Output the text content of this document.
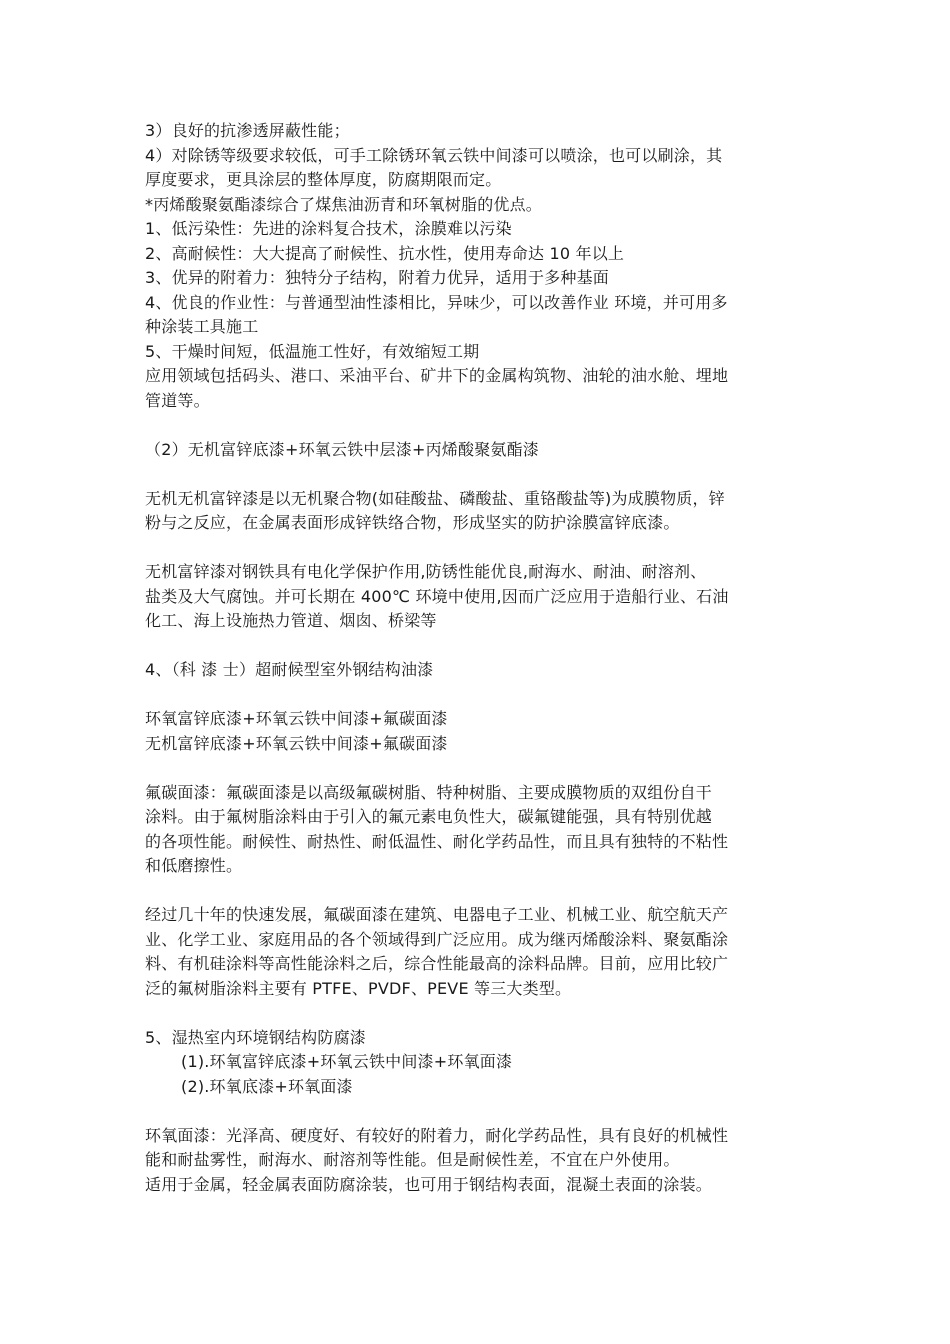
3）良好的抗渗透屏蔽性能；
4）对除锈等级要求较低，可手工除锈环氧云铁中间漆可以喷涂，也可以刷涂，其
厚度要求，更具涂层的整体厚度，防腐期限而定。
*丙烯酸聚氨酯漆综合了煤焦油沥青和环氧树脂的优点。
1、低污染性：先进的涂料复合技术，涂膜难以污染
2、高耐候性：大大提高了耐候性、抗水性，使用寿命达 10 年以上
3、优异的附着力：独特分子结构，附着力优异，适用于多种基面
4、优良的作业性：与普通型油性漆相比，异味少，可以改善作业 环境，并可用多
种涂装工具施工
5、干燥时间短，低温施工性好，有效缩短工期
应用领域包括码头、港口、采油平台、矿井下的金属构筑物、油轮的油水舱、埋地
管道等。
（2）无机富锌底漆+环氧云铁中层漆+丙烯酸聚氨酯漆
无机无机富锌漆是以无机聚合物(如硅酸盐、磷酸盐、重铬酸盐等)为成膜物质，锌
粉与之反应，在金属表面形成锌铁络合物，形成坚实的防护涂膜富锌底漆。
无机富锌漆对钢铁具有电化学保护作用,防锈性能优良,耐海水、耐油、耐溶剂、
盐类及大气腐蚀。并可长期在 400℃ 环境中使用,因而广泛应用于造船行业、石油
化工、海上设施热力管道、烟囱、桥梁等
4、（科 漆 士）超耐候型室外钢结构油漆
环氧富锌底漆+环氧云铁中间漆+氟碳面漆
无机富锌底漆+环氧云铁中间漆+氟碳面漆
氟碳面漆：氟碳面漆是以高级氟碳树脂、特种树脂、主要成膜物质的双组份自干
涂料。由于氟树脂涂料由于引入的氟元素电负性大，碳氟键能强，具有特别优越
的各项性能。耐候性、耐热性、耐低温性、耐化学药品性，而且具有独特的不粘性
和低磨擦性。
经过几十年的快速发展，氟碳面漆在建筑、电器电子工业、机械工业、航空航天产
业、化学工业、家庭用品的各个领域得到广泛应用。成为继丙烯酸涂料、聚氨酯涂
料、有机硅涂料等高性能涂料之后，综合性能最高的涂料品牌。目前，应用比较广
泛的氟树脂涂料主要有 PTFE、PVDF、PEVE 等三大类型。
5、湿热室内环境钢结构防腐漆
(1).环氧富锌底漆+环氧云铁中间漆+环氧面漆
(2).环氧底漆+环氧面漆
环氧面漆：光泽高、硬度好、有较好的附着力，耐化学药品性，具有良好的机械性
能和耐盐雾性，耐海水、耐溶剂等性能。但是耐候性差，不宜在户外使用。
适用于金属，轻金属表面防腐涂装，也可用于钢结构表面，混凝土表面的涂装。
